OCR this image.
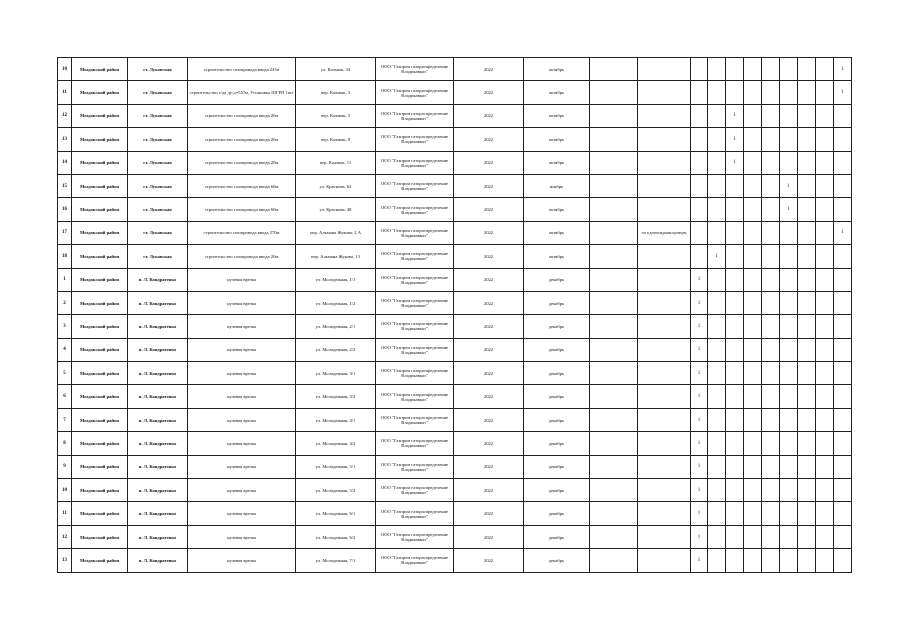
10	Моздокский район	ст. Луковская	строительство газопровода ввода 24?м	ул. Калмык, 34	ООО "Газпром газораспределение Владикавказ"	2022	октябрь											1
11	Моздокский район	ст. Луковская	строительство г/да ду/д=55?м, Установка ШГРП 1шт	пер. Калмык, 3	ООО "Газпром газораспределение Владикавказ"	2022	октябрь											1
12	Моздокский район	ст. Луковская	строительство газопровода ввода 20м	пер. Калмык, 5	ООО "Газпром газораспределение Владикавказ"	2022	октябрь					1						
13	Моздокский район	ст. Луковская	строительство газопровода ввода 20м	пер. Калмык, 8	ООО "Газпром газораспределение Владикавказ"	2022	октябрь					1						
14	Моздокский район	ст. Луковская	строительство газопровода ввода 20м	пер. Калмык, 11	ООО "Газпром газораспределение Владикавказ"	2022	октябрь					1						
15	Моздокский район	ст. Луковская	строительство газопровода ввода 60м	ул. Краснова, 62	ООО "Газпром газораспределение Владикавказ"	2022	ноябрь								1			
16	Моздокский район	ст. Луковская	строительство газопровода ввода 60м	ул. Краснова, 48	ООО "Газпром газораспределение Владикавказ"	2022	октябрь								1			
17	Моздокский район	ст. Луковская	строительство газопровода ввода 270м	пер. Альмана Жукова, 2 А	ООО "Газпром газораспределение Владикавказ"	2022	октябрь		газ в домовладении проведен									1
18	Моздокский район	ст. Луковская	строительство газопровода ввода 20м	пер. Альмана Жукова, 13	ООО "Газпром газораспределение Владикавказ"	2022	октябрь				1							
1	Моздокский район	п. Л. Кондратенко	нулевая врезка	ул. Молодежная, 1/1	ООО "Газпром газораспределение Владикавказ"	2022	декабрь			1								
2	Моздокский район	п. Л. Кондратенко	нулевая врезка	ул. Молодежная, 1/2	ООО "Газпром газораспределение Владикавказ"	2022	декабрь			1								
3	Моздокский район	п. Л. Кондратенко	нулевая врезка	ул. Молодежная, 2/1	ООО "Газпром газораспределение Владикавказ"	2022	декабрь			1								
4	Моздокский район	п. Л. Кондратенко	нулевая врезка	ул. Молодежная, 2/2	ООО "Газпром газораспределение Владикавказ"	2022	декабрь			1								
5	Моздокский район	п. Л. Кондратенко	нулевая врезка	ул. Молодежная, 3/1	ООО "Газпром газораспределение Владикавказ"	2022	декабрь			1								
6	Моздокский район	п. Л. Кондратенко	нулевая врезка	ул. Молодежная, 3/2	ООО "Газпром газораспределение Владикавказ"	2022	декабрь			1								
7	Моздокский район	п. Л. Кондратенко	нулевая врезка	ул. Молодежная, 4/1	ООО "Газпром газораспределение Владикавказ"	2022	декабрь			1								
8	Моздокский район	п. Л. Кондратенко	нулевая врезка	ул. Молодежная, 4/2	ООО "Газпром газораспределение Владикавказ"	2022	декабрь			1								
9	Моздокский район	п. Л. Кондратенко	нулевая врезка	ул. Молодежная, 5/1	ООО "Газпром газораспределение Владикавказ"	2022	декабрь			1								
10	Моздокский район	п. Л. Кондратенко	нулевая врезка	ул. Молодежная, 5/2	ООО "Газпром газораспределение Владикавказ"	2022	декабрь			1								
11	Моздокский район	п. Л. Кондратенко	нулевая врезка	ул. Молодежная, 6/1	ООО "Газпром газораспределение Владикавказ"	2022	декабрь			1								
12	Моздокский район	п. Л. Кондратенко	нулевая врезка	ул. Молодежная, 6/2	ООО "Газпром газораспределение Владикавказ"	2022	декабрь			1								
13	Моздокский район	п. Л. Кондратенко	нулевая врезка	ул. Молодежная, 7/1	ООО "Газпром газораспределение Владикавказ"	2022	декабрь			1								
